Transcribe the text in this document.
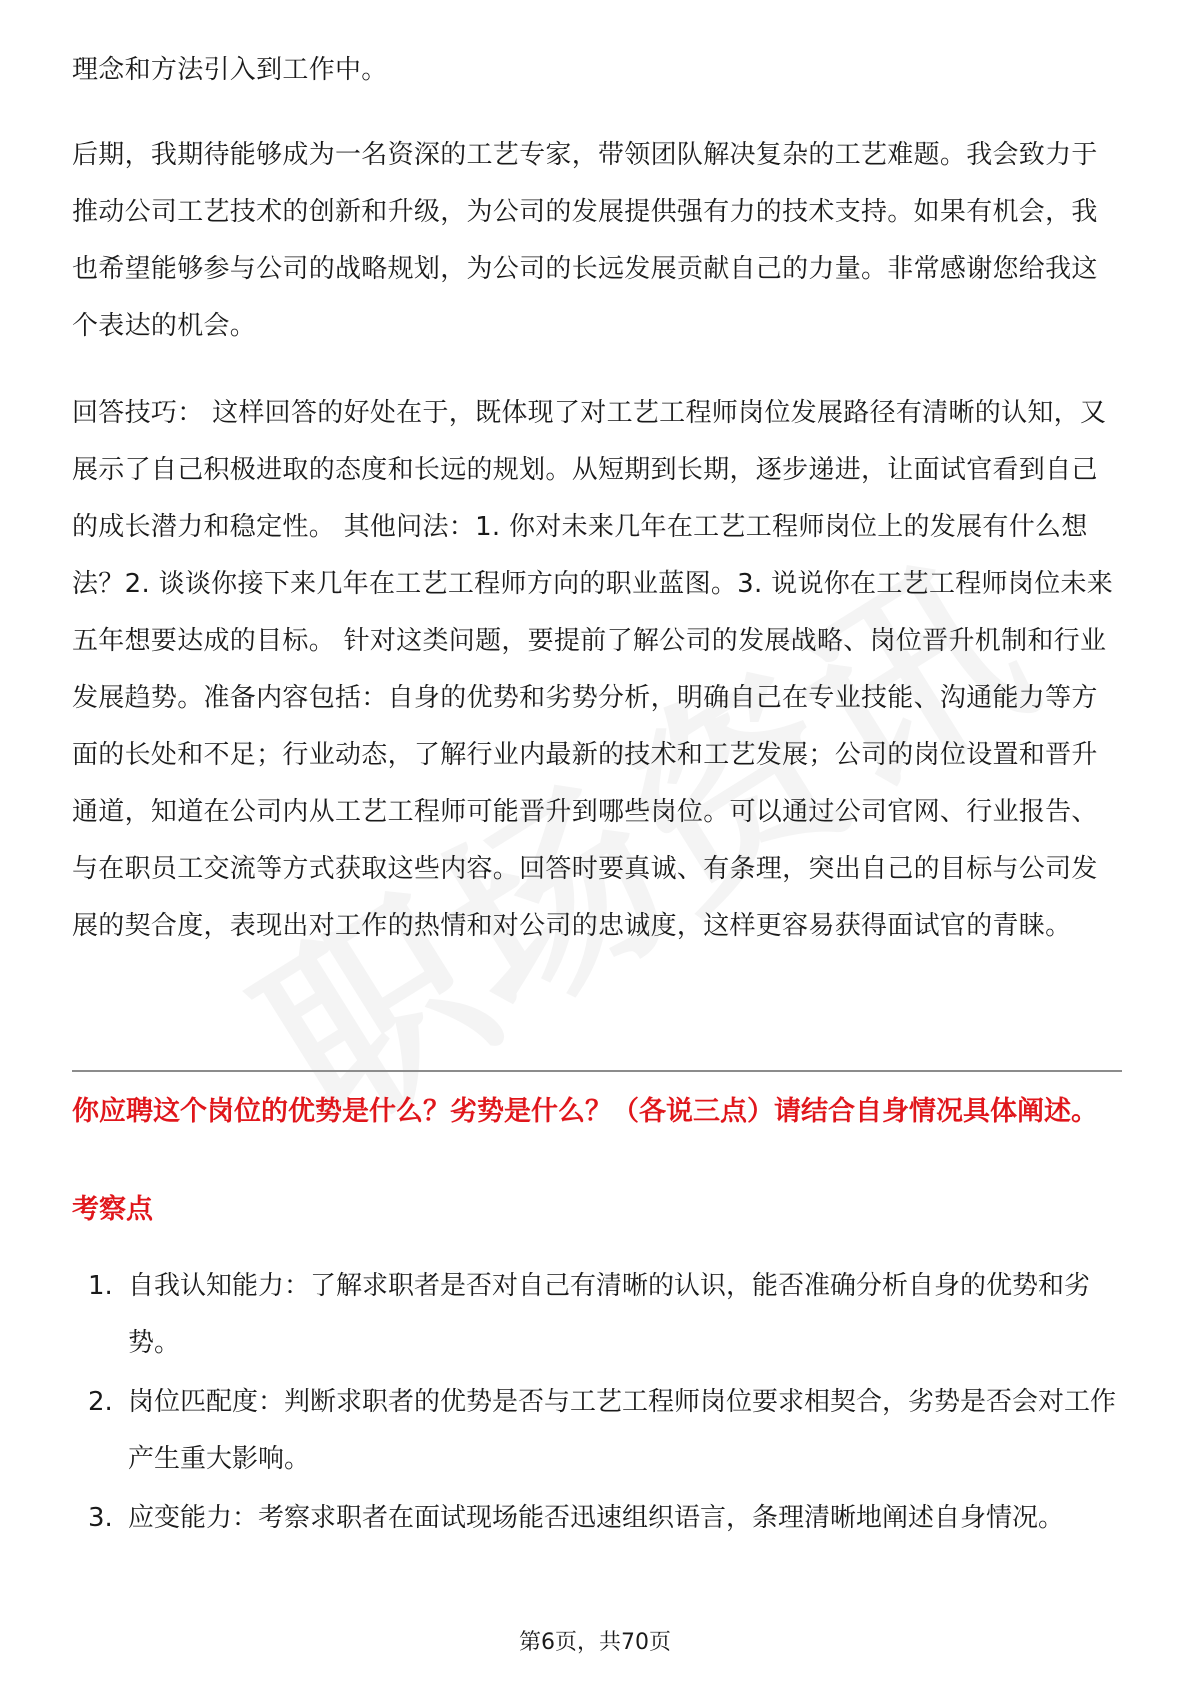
理念和方法引入到工作中。

后期，我期待能够成为一名资深的工艺专家，带领团队解决复杂的工艺难题。我会致力于推动公司工艺技术的创新和升级，为公司的发展提供强有力的技术支持。如果有机会，我也希望能够参与公司的战略规划，为公司的长远发展贡献自己的力量。非常感谢您给我这个表达的机会。

回答技巧： 这样回答的好处在于，既体现了对工艺工程师岗位发展路径有清晰的认知，又展示了自己积极进取的态度和长远的规划。从短期到长期，逐步递进，让面试官看到自己的成长潜力和稳定性。 其他问法：1. 你对未来几年在工艺工程师岗位上的发展有什么想法？2. 谈谈你接下来几年在工艺工程师方向的职业蓝图。3. 说说你在工艺工程师岗位未来五年想要达成的目标。 针对这类问题，要提前了解公司的发展战略、岗位晋升机制和行业发展趋势。准备内容包括：自身的优势和劣势分析，明确自己在专业技能、沟通能力等方面的长处和不足；行业动态，了解行业内最新的技术和工艺发展；公司的岗位设置和晋升通道，知道在公司内从工艺工程师可能晋升到哪些岗位。可以通过公司官网、行业报告、与在职员工交流等方式获取这些内容。回答时要真诚、有条理，突出自己的目标与公司发展的契合度，表现出对工作的热情和对公司的忠诚度，这样更容易获得面试官的青睐。

你应聘这个岗位的优势是什么？劣势是什么？（各说三点）请结合自身情况具体阐述。
考察点
1. 自我认知能力：了解求职者是否对自己有清晰的认识，能否准确分析自身的优势和劣势。
2. 岗位匹配度：判断求职者的优势是否与工艺工程师岗位要求相契合，劣势是否会对工作产生重大影响。
3. 应变能力：考察求职者在面试现场能否迅速组织语言，条理清晰地阐述自身情况。
第6页，共70页
